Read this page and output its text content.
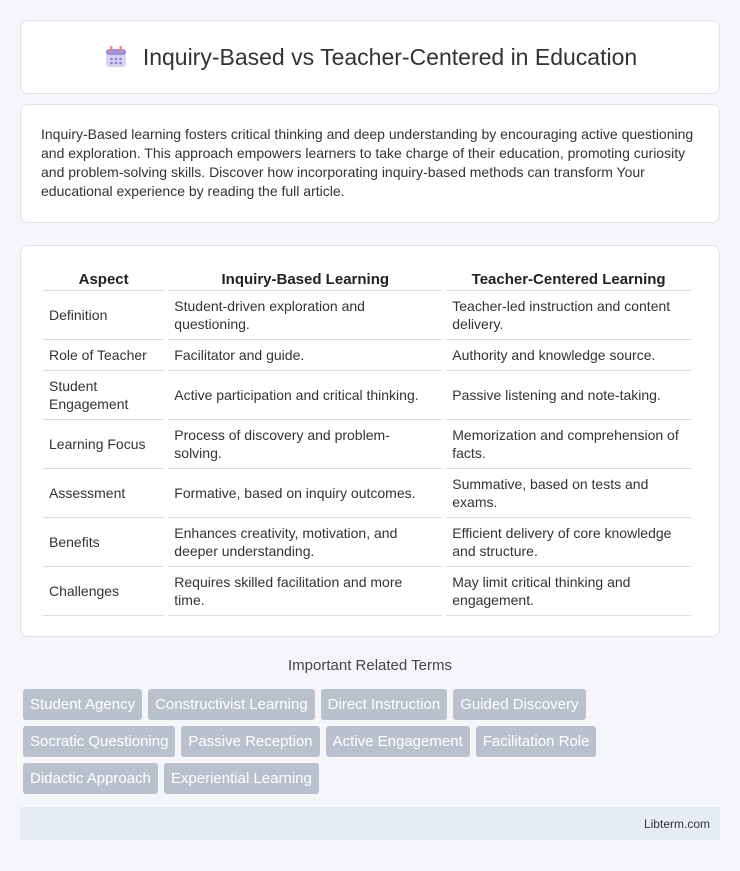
Inquiry-Based vs Teacher-Centered in Education

Inquiry-Based learning fosters critical thinking and deep understanding by encouraging active questioning and exploration. This approach empowers learners to take charge of their education, promoting curiosity and problem-solving skills. Discover how incorporating inquiry-based methods can transform Your educational experience by reading the full article.

Aspect	Inquiry-Based Learning	Teacher-Centered Learning
Definition	Student-driven exploration and questioning.	Teacher-led instruction and content delivery.
Role of Teacher	Facilitator and guide.	Authority and knowledge source.
Student Engagement	Active participation and critical thinking.	Passive listening and note-taking.
Learning Focus	Process of discovery and problem-solving.	Memorization and comprehension of facts.
Assessment	Formative, based on inquiry outcomes.	Summative, based on tests and exams.
Benefits	Enhances creativity, motivation, and deeper understanding.	Efficient delivery of core knowledge and structure.
Challenges	Requires skilled facilitation and more time.	May limit critical thinking and engagement.
Important Related Terms
Student Agency	Constructivist Learning	Direct Instruction	Guided Discovery
Socratic Questioning	Passive Reception	Active Engagement	Facilitation Role
Didactic Approach	Experiential Learning
Libterm.com
